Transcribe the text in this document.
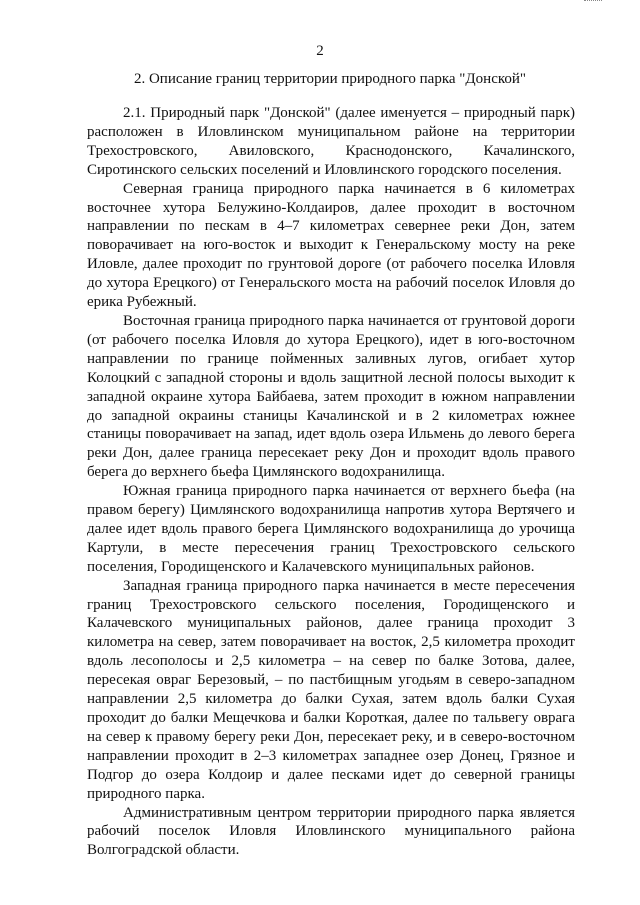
2
2. Описание границ территории природного парка "Донской"

2.1. Природный парк "Донской" (далее именуется – природный парк) расположен в Иловлинском муниципальном районе на территории Трехостровского, Авиловского, Краснодонского, Качалинского, Сиротинского сельских поселений и Иловлинского городского поселения.

Северная граница природного парка начинается в 6 километрах восточнее хутора Белужино-Колдаиров, далее проходит в восточном направлении по пескам в 4–7 километрах севернее реки Дон, затем поворачивает на юго-восток и выходит к Генеральскому мосту на реке Иловле, далее проходит по грунтовой дороге (от рабочего поселка Иловля до хутора Ерецкого) от Генеральского моста на рабочий поселок Иловля до ерика Рубежный.

Восточная граница природного парка начинается от грунтовой дороги (от рабочего поселка Иловля до хутора Ерецкого), идет в юго-восточном направлении по границе пойменных заливных лугов, огибает хутор Колоцкий с западной стороны и вдоль защитной лесной полосы выходит к западной окраине хутора Байбаева, затем проходит в южном направлении до западной окраины станицы Качалинской и в 2 километрах южнее станицы поворачивает на запад, идет вдоль озера Ильмень до левого берега реки Дон, далее граница пересекает реку Дон и проходит вдоль правого берега до верхнего бьефа Цимлянского водохранилища.

Южная граница природного парка начинается от верхнего бьефа (на правом берегу) Цимлянского водохранилища напротив хутора Вертячего и далее идет вдоль правого берега Цимлянского водохранилища до урочища Картули, в месте пересечения границ Трехостровского сельского поселения, Городищенского и Калачевского муниципальных районов.

Западная граница природного парка начинается в месте пересечения границ Трехостровского сельского поселения, Городищенского и Калачевского муниципальных районов, далее граница проходит 3 километра на север, затем поворачивает на восток, 2,5 километра проходит вдоль лесополосы и 2,5 километра – на север по балке Зотова, далее, пересекая овраг Березовый, – по пастбищным угодьям в северо-западном направлении 2,5 километра до балки Сухая, затем вдоль балки Сухая проходит до балки Мещечкова и балки Короткая, далее по тальвегу оврага на север к правому берегу реки Дон, пересекает реку, и в северо-восточном направлении проходит в 2–3 километрах западнее озер Донец, Грязное и Подгор до озера Колдоир и далее песками идет до северной границы природного парка.

Административным центром территории природного парка является рабочий поселок Иловля Иловлинского муниципального района Волгоградской области.
